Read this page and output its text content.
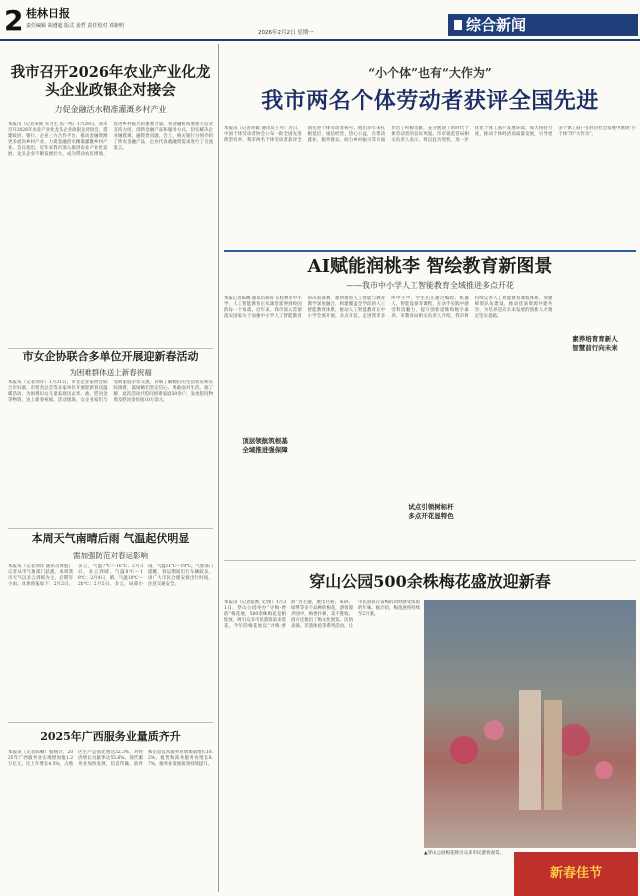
2 桂林日报
责任编辑 胡遵超 版式 姜哲 责任校对 邓新明
2026年2月2日 星期一	综合新闻
我市召开2026年农业产业化龙头企业政银企对接会
力促金融活水精准灌溉乡村产业
本报讯（记者朱辉 实习生 高一鸣）1月29日，我市召开2026年农业产业化龙头企业政银企对接会，搭建政府、银行、企业三方合作平台，推动金融资源更多流向乡村产业，力促金融活水精准灌溉乡村产业。会议指出，近年来我市深入推进农业产业化发展，龙头企业不断发展壮大，成为带动农民增收、促进乡村振兴的重要力量。各金融机构要加大信贷支持力度，创新金融产品和服务方式，切实解决企业融资难、融资贵问题。会上，相关银行分别介绍了涉农金融产品，企业代表就融资需求进行了交流发言。
市女企协联合多单位开展迎新春活动
为困难群体送上新春祝福
本报讯（记者刘洋）1月31日，市女企业家协会联合市妇联、市慈善总会等多家单位开展迎新春送温暖活动，为困难妇女儿童家庭送去米、油、慰问金等物资，送上新春祝福。活动现场，女企业家们与受助家庭亲切交流，详细了解她们的生活状况和实际困难，鼓励她们坚定信心、勇敢面对生活。据了解，此次活动共慰问困难家庭50余户，发放慰问物资及慰问金价值10万余元。
本周天气南晴后雨 气温起伏明显
需加强防范对春运影响
本报讯（记者刘洋 通讯员黄彪）记者从市气象部门获悉，本周我市天气以多云到晴为主，后期有小雨。具体预报如下：2月2日，多云，气温7℃～16℃；2月3日，多云到晴，气温8℃～18℃；2月4日，晴，气温10℃～20℃；2月5日，多云，局部小雨，气温11℃～19℃。气象部门提醒，春运期间出行车辆较多，请广大市民合理安排出行时间，注意交通安全。
2025年广西服务业量质齐升
本报讯（记者陈楠）据统计，2025年广西服务业实现增加值1.2万亿元，比上年增长4.5%，占地区生产总值比重达52.3%，对经济增长贡献率达55.6%。现代服务业加快发展，信息传输、软件和信息技术服务业增加值增长10.2%，租赁和商务服务业增长8.7%，服务业发展质效持续提升。
“小个体”也有“大作为”
我市两名个体劳动者获评全国先进
本报讯（记者蒋薇 通讯员王丹）近日，中国个体劳动者协会公布一批全国先进典型名单，我市两名个体劳动者获评全国先进个体劳动者称号。他们多年来扎根基层、诚信经营、热心公益，在带动就业、服务群众、助力乡村振兴等方面作出了积极贡献，充分展现了新时代个体劳动者的良好风貌。市市场监管局相关负责人表示，将以此为契机，进一步优化个体工商户发展环境，加大扶持力度，推动个体经济高质量发展，引导更多个体工商户在经济社会发展中展现“小个体”的“大作为”。
AI赋能润桃李 智绘教育新图景
——我市中小学人工智能教育全域推进多点开花
本报记者陈婉 通讯员胡涛 在桂林市中小学，人工智能教育正从课堂延伸到校园的每一个角落。近年来，我市深入贯彻落实国家关于加强中小学人工智能教育的决策部署，加快推进人工智能与教育教学深度融合，构建覆盖全学段的人工智能教育体系，推动人工智能教育在中小学全域开展、多点开花。走进我市多所中小学，学生们正通过编程、机器人、智能设备等课程，在动手实践中感受科技魅力，提升创新思维和数字素养。市教育局相关负责人介绍，我市将持续完善人工智能教育课程体系，加强师资队伍建设，推动优质资源共建共享，为培养适应未来发展的创新人才奠定坚实基础。
顶层领航筑根基
全域推进强保障
试点引领树标杆
多点开花显特色
素养培育育新人
智慧前行向未来
穿山公园500余株梅花盛放迎新春
本报讯（记者阮熙 文/图）1月31日，穿山公园举办“寻梅·香韵”梅花展，500余株梅花竞相绽放，吸引众多市民游客前来赏花。今年的梅花展以“寻梅·香韵”为主题，展出宫粉、朱砂、绿萼等多个品种的梅花，游客漫步园中，梅香扑鼻，美不胜收。园方还推出了梅文化展览、民俗表演、非遗体验等系列活动，让市民游客在赏梅的同时感受浓浓的年味。据介绍，梅花展将持续至2月底。
▲穿山公园梅花吸引众多市民游客观赏。
新春佳节
